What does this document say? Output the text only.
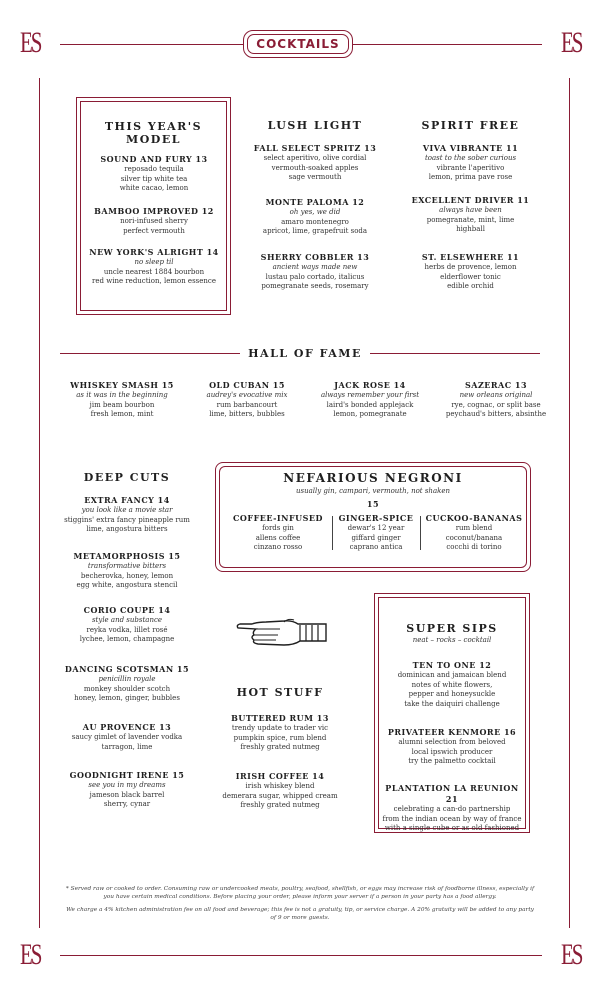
ES	ES
ES	ES
COCKTAILS
THIS YEAR'S MODEL
SOUND AND FURY 13
reposado tequila
silver tip white tea
white cacao, lemon
BAMBOO IMPROVED 12
nori-infused sherry
perfect vermouth
NEW YORK'S ALRIGHT 14
no sleep til
uncle nearest 1884 bourbon
red wine reduction, lemon essence
LUSH LIGHT
FALL SELECT SPRITZ 13
select aperitivo, olive cordial
vermouth-soaked apples
sage vermouth
MONTE PALOMA 12
oh yes, we did
amaro montenegro
apricot, lime, grapefruit soda
SHERRY COBBLER 13
ancient ways made new
lustau palo cortado, italicus
pomegranate seeds, rosemary
SPIRIT FREE
VIVA VIBRANTE 11
toast to the sober curious
vibrante l'aperitivo
lemon, prima pave rose
EXCELLENT DRIVER 11
always have been
pomegranate, mint, lime
highball
ST. ELSEWHERE 11
herbs de provence, lemon
elderflower tonic
edible orchid
HALL OF FAME
WHISKEY SMASH 15
as it was in the beginning
jim beam bourbon
fresh lemon, mint
OLD CUBAN 15
audrey's evocative mix
rum barbancourt
lime, bitters, bubbles
JACK ROSE 14
always remember your first
laird's bonded applejack
lemon, pomegranate
SAZERAC 13
new orleans original
rye, cognac, or split base
peychaud's bitters, absinthe
DEEP CUTS
EXTRA FANCY 14
you look like a movie star
stiggins' extra fancy pineapple rum
lime, angostura bitters
METAMORPHOSIS 15
transformative bitters
becherovka, honey, lemon
egg white, angostura stencil
CORIO COUPE 14
style and substance
reyka vodka, lillet rosé
lychee, lemon, champagne
DANCING SCOTSMAN 15
penicillin royale
monkey shoulder scotch
honey, lemon, ginger, bubbles
AU PROVENCE 13
saucy gimlet of lavender vodka
tarragon, lime
GOODNIGHT IRENE 15
see you in my dreams
jameson black barrel
sherry, cynar
NEFARIOUS NEGRONI
usually gin, campari, vermouth, not shaken
15
COFFEE-INFUSED
fords gin
allens coffee
cinzano rosso
GINGER-SPICE
dewar's 12 year
giffard ginger
caprano antica
CUCKOO-BANANAS
rum blend
coconut/banana
cocchi di torino
HOT STUFF
BUTTERED RUM 13
trendy update to trader vic
pumpkin spice, rum blend
freshly grated nutmeg
IRISH COFFEE 14
irish whiskey blend
demerara sugar, whipped cream
freshly grated nutmeg
SUPER SIPS
neat – rocks – cocktail
TEN TO ONE 12
dominican and jamaican blend
notes of white flowers,
pepper and honeysuckle
take the daiquiri challenge
PRIVATEER KENMORE 16
alumni selection from beloved
local ipswich producer
try the palmetto cocktail
PLANTATION LA REUNION 21
celebrating a can-do partnership
from the indian ocean by way of france
with a single cube or as old fashioned
* Served raw or cooked to order. Consuming raw or undercooked meats, poultry, seafood, shellfish, or eggs may increase risk of foodborne illness, especially if you have certain medical conditions. Before placing your order, please inform your server if a person in your party has a food allergy.
We charge a 4% kitchen administration fee on all food and beverage; this fee is not a gratuity, tip, or service charge. A 20% gratuity will be added to any party of 9 or more guests.
